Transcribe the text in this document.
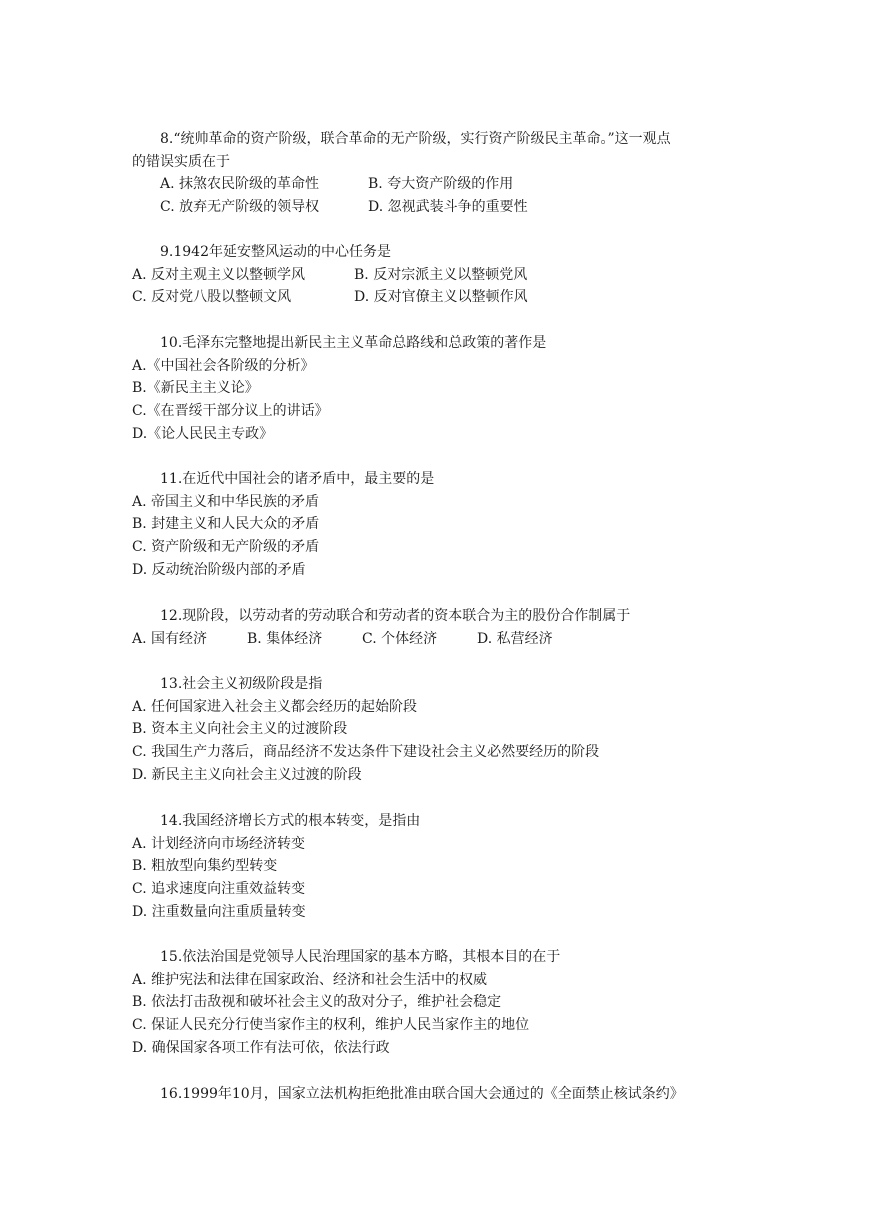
8.“统帅革命的资产阶级，联合革命的无产阶级，实行资产阶级民主革命。”这一观点
的错误实质在于
A. 抹煞农民阶级的革命性	B. 夸大资产阶级的作用
C. 放弃无产阶级的领导权	D. 忽视武装斗争的重要性
9.1942年延安整风运动的中心任务是
A. 反对主观主义以整顿学风	B. 反对宗派主义以整顿党风
C. 反对党八股以整顿文风	D. 反对官僚主义以整顿作风
10.毛泽东完整地提出新民主主义革命总路线和总政策的著作是
A.《中国社会各阶级的分析》
B.《新民主主义论》
C.《在晋绥干部分议上的讲话》
D.《论人民民主专政》
11.在近代中国社会的诸矛盾中，最主要的是
A. 帝国主义和中华民族的矛盾
B. 封建主义和人民大众的矛盾
C. 资产阶级和无产阶级的矛盾
D. 反动统治阶级内部的矛盾
12.现阶段，以劳动者的劳动联合和劳动者的资本联合为主的股份合作制属于
A. 国有经济	B. 集体经济	C. 个体经济	D. 私营经济
13.社会主义初级阶段是指
A. 任何国家进入社会主义都会经历的起始阶段
B. 资本主义向社会主义的过渡阶段
C. 我国生产力落后，商品经济不发达条件下建设社会主义必然要经历的阶段
D. 新民主主义向社会主义过渡的阶段
14.我国经济增长方式的根本转变，是指由
A. 计划经济向市场经济转变
B. 粗放型向集约型转变
C. 追求速度向注重效益转变
D. 注重数量向注重质量转变
15.依法治国是党领导人民治理国家的基本方略，其根本目的在于
A. 维护宪法和法律在国家政治、经济和社会生活中的权威
B. 依法打击敌视和破坏社会主义的敌对分子，维护社会稳定
C. 保证人民充分行使当家作主的权利，维护人民当家作主的地位
D. 确保国家各项工作有法可依，依法行政
16.1999年10月，国家立法机构拒绝批准由联合国大会通过的《全面禁止核试条约》
